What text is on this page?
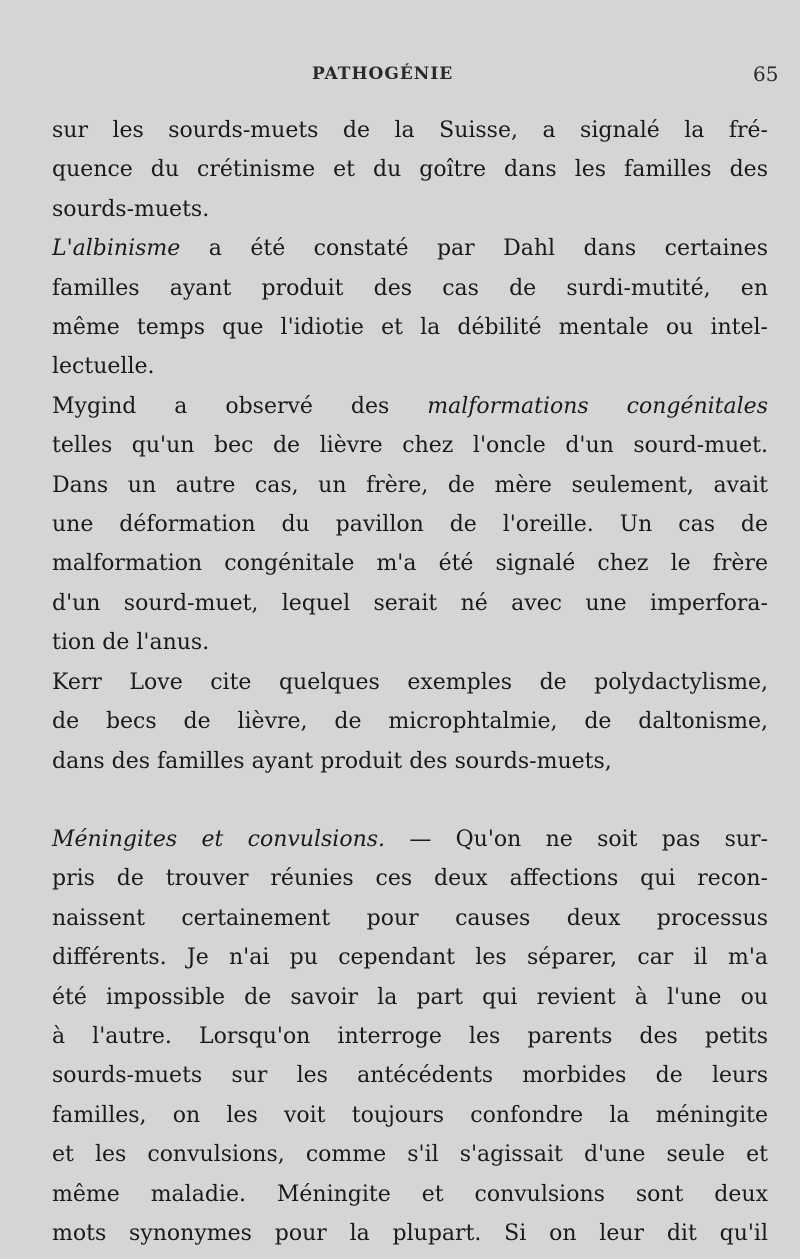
PATHOGÉNIE	65

sur les sourds-muets de la Suisse, a signalé la fré-
quence du crétinisme et du goître dans les familles des
sourds-muets.

L'albinisme a été constaté par Dahl dans certaines
familles ayant produit des cas de surdi-mutité, en
même temps que l'idiotie et la débilité mentale ou intel-
lectuelle.

Mygind a observé des malformations congénitales
telles qu'un bec de lièvre chez l'oncle d'un sourd-muet.
Dans un autre cas, un frère, de mère seulement, avait
une déformation du pavillon de l'oreille. Un cas de
malformation congénitale m'a été signalé chez le frère
d'un sourd-muet, lequel serait né avec une imperfora-
tion de l'anus.

Kerr Love cite quelques exemples de polydactylisme,
de becs de lièvre, de microphtalmie, de daltonisme,
dans des familles ayant produit des sourds-muets,

Méningites et convulsions. — Qu'on ne soit pas sur-
pris de trouver réunies ces deux affections qui recon-
naissent certainement pour causes deux processus
différents. Je n'ai pu cependant les séparer, car il m'a
été impossible de savoir la part qui revient à l'une ou
à l'autre. Lorsqu'on interroge les parents des petits
sourds-muets sur les antécédents morbides de leurs
familles, on les voit toujours confondre la méningite
et les convulsions, comme s'il s'agissait d'une seule et
même maladie. Méningite et convulsions sont deux
mots synonymes pour la plupart. Si on leur dit qu'il
